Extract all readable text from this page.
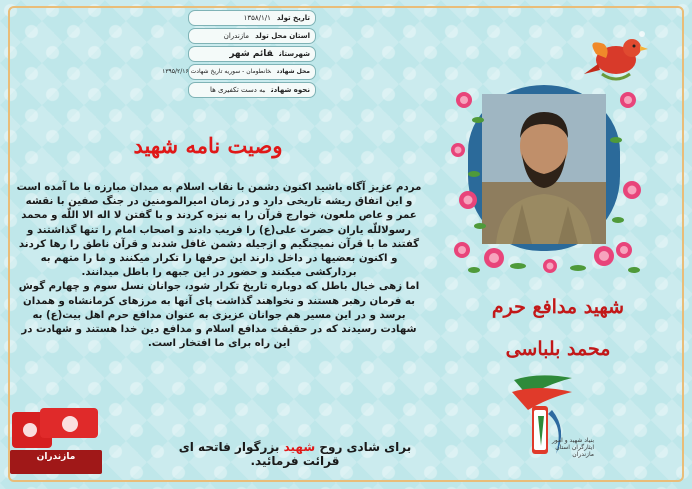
تاریخ تولد۱۳۵۸/۱/۱
استان محل تولدمازندران
شهرستانقائم شهر
محل شهادتخانطومان - سوریه تاریخ شهادت ۱۳۹۵/۲/۱۶
نحوه شهادتبه دست تکفیری ها
وصیت نامه شهید

مردم عزیز آگاه باشید اکنون دشمن با نقاب اسلام به میدان مبارزه با ما آمده است و این اتفاق ریشه تاریخی دارد و در زمان امیرالمومنین در جنگ صفین با نقشه عمر و عاص ملعون، خوارج قرآن را به نیزه کردند و با گفتن لا اله الا اللّه و محمد رسولاللّه یاران حضرت علی(ع) را فریب دادند و اصحاب امام را تنها گذاشتند و گفتند ما با قرآن نمیجنگیم و ازجیله دشمن غافل شدند و قرآن ناطق را رها کردند و اکنون بعضیها در داخل دارند این حرفها را تکرار میکنند و ما را متهم به برداركشی میکنند و حضور در این جبهه را باطل میدانند.

اما زهی خیال باطل که دوباره تاریخ تکرار شود، جوانان نسل سوم و چهارم گوش به فرمان رهبر هستند و نخواهند گذاشت پای آنها به مرزهای کرمانشاه و همدان برسد و در این مسیر هم جوانان عزیزی به عنوان مدافع حرم اهل بیت(ع) به شهادت رسیدند که در حقیقت مدافع اسلام و مدافع دین خدا هستند و شهادت در این راه برای ما افتخار است.

شهید مدافع حرم
محمد بلباسی
بنیاد شهید و امور ایثارگران استان مازندران
برای شادی روح شهید بزرگوار فاتحه ای قرائت فرمائید.
مازندران
